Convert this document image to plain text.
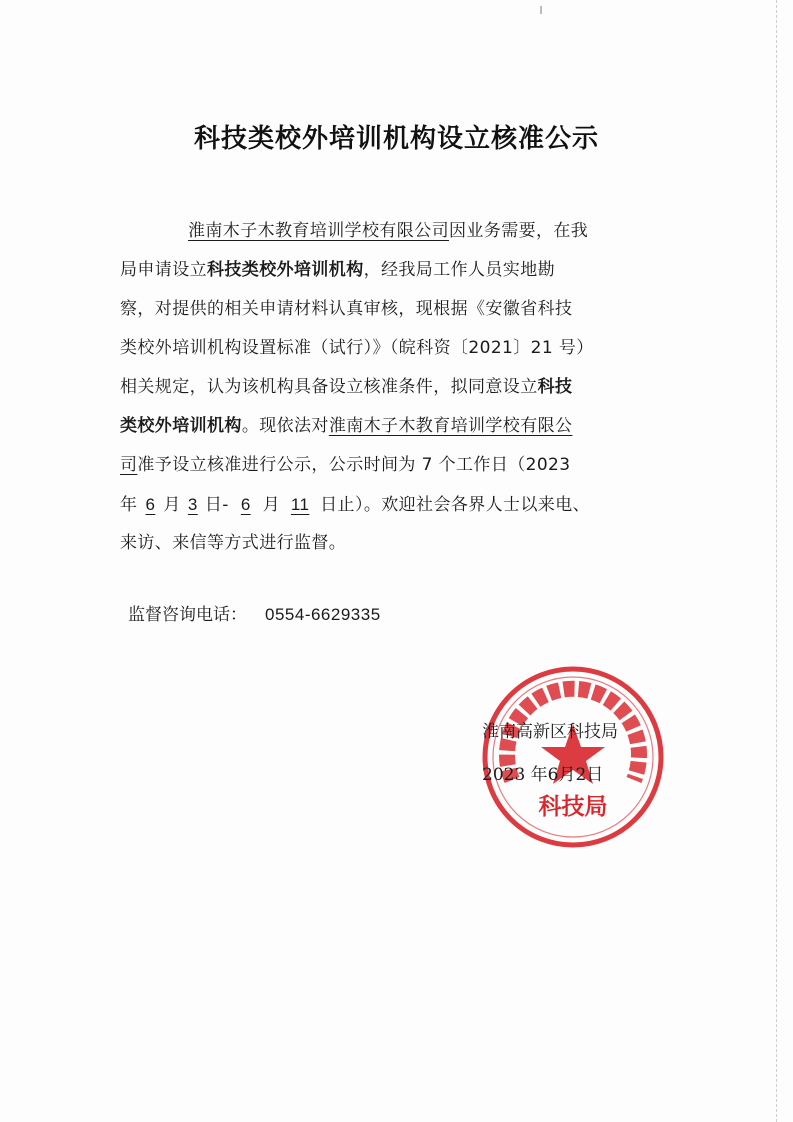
科技类校外培训机构设立核准公示
淮南木子木教育培训学校有限公司因业务需要，在我
局申请设立科技类校外培训机构，经我局工作人员实地勘
察，对提供的相关申请材料认真审核，现根据《安徽省科技
类校外培训机构设置标准（试行）》（皖科资〔2021〕21 号）
相关规定，认为该机构具备设立核准条件，拟同意设立科技
类校外培训机构。现依法对淮南木子木教育培训学校有限公
司准予设立核准进行公示，公示时间为 7 个工作日（2023
年 6 月 3 日- 6 月 11 日止）。欢迎社会各界人士以来电、
来访、来信等方式进行监督。
监督咨询电话： 0554-6629335
科技局
淮南高新区科技局
2023 年6月2日
